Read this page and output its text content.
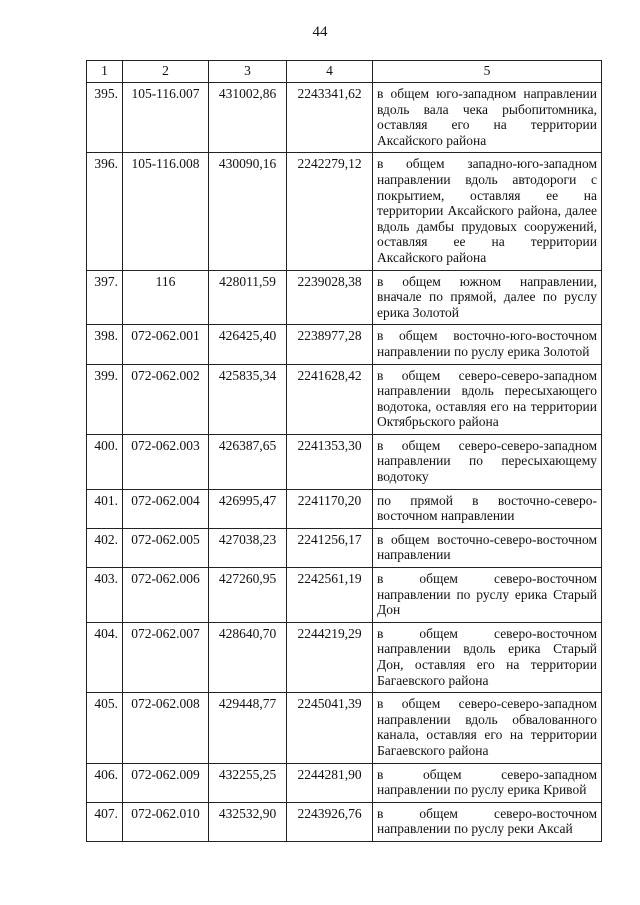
44
1	2	3	4	5
395.	105-116.007	431002,86	2243341,62	в общем юго-западном направлении вдоль вала чека рыбопитомника, оставляя его на территории Аксайского района
396.	105-116.008	430090,16	2242279,12	в общем западно-юго-западном направлении вдоль автодороги с покрытием, оставляя ее на территории Аксайского района, далее вдоль дамбы прудовых сооружений, оставляя ее на территории Аксайского района
397.	116	428011,59	2239028,38	в общем южном направлении, вначале по прямой, далее по руслу ерика Золотой
398.	072-062.001	426425,40	2238977,28	в общем восточно-юго-восточном направлении по руслу ерика Золотой
399.	072-062.002	425835,34	2241628,42	в общем северо-северо-западном направлении вдоль пересыхающего водотока, оставляя его на территории Октябрьского района
400.	072-062.003	426387,65	2241353,30	в общем северо-северо-западном направлении по пересыхающему водотоку
401.	072-062.004	426995,47	2241170,20	по прямой в восточно-северо-восточном направлении
402.	072-062.005	427038,23	2241256,17	в общем восточно-северо-восточном направлении
403.	072-062.006	427260,95	2242561,19	в общем северо-восточном направлении по руслу ерика Старый Дон
404.	072-062.007	428640,70	2244219,29	в общем северо-восточном направлении вдоль ерика Старый Дон, оставляя его на территории Багаевского района
405.	072-062.008	429448,77	2245041,39	в общем северо-северо-западном направлении вдоль обвалованного канала, оставляя его на территории Багаевского района
406.	072-062.009	432255,25	2244281,90	в общем северо-западном направлении по руслу ерика Кривой
407.	072-062.010	432532,90	2243926,76	в общем северо-восточном направлении по руслу реки Аксай
